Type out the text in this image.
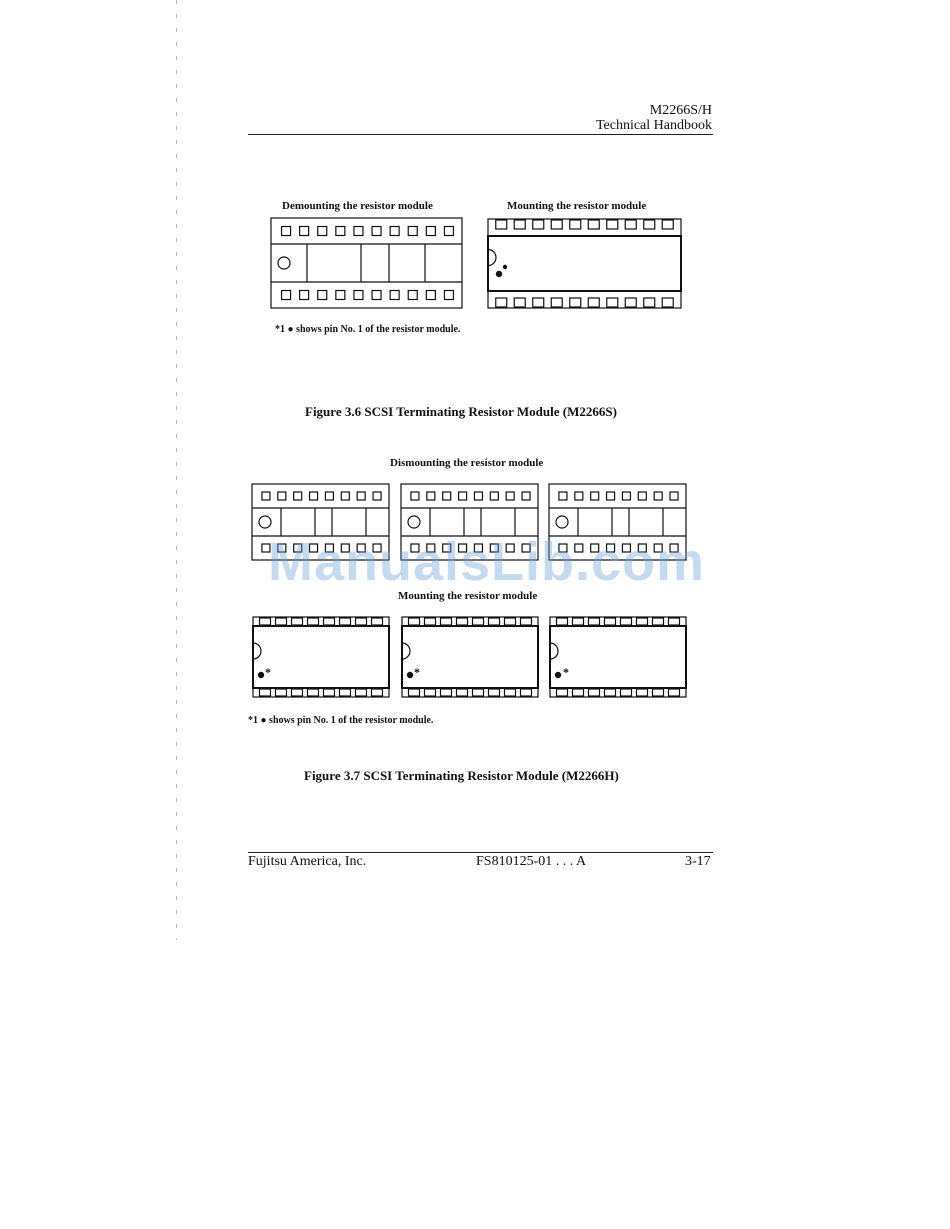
M2266S/H
Technical Handbook
Demounting the resistor module	Mounting the resistor module
*1 ● shows pin No. 1 of the resistor module.
Figure 3.6 SCSI Terminating Resistor Module (M2266S)
Dismounting the resistor module
Mounting the resistor module
*	*	*
*1 ● shows pin No. 1 of the resistor module.
Figure 3.7 SCSI Terminating Resistor Module (M2266H)
ManualsLib.com
Fujitsu America, Inc.	FS810125-01 . . . A	3-17
